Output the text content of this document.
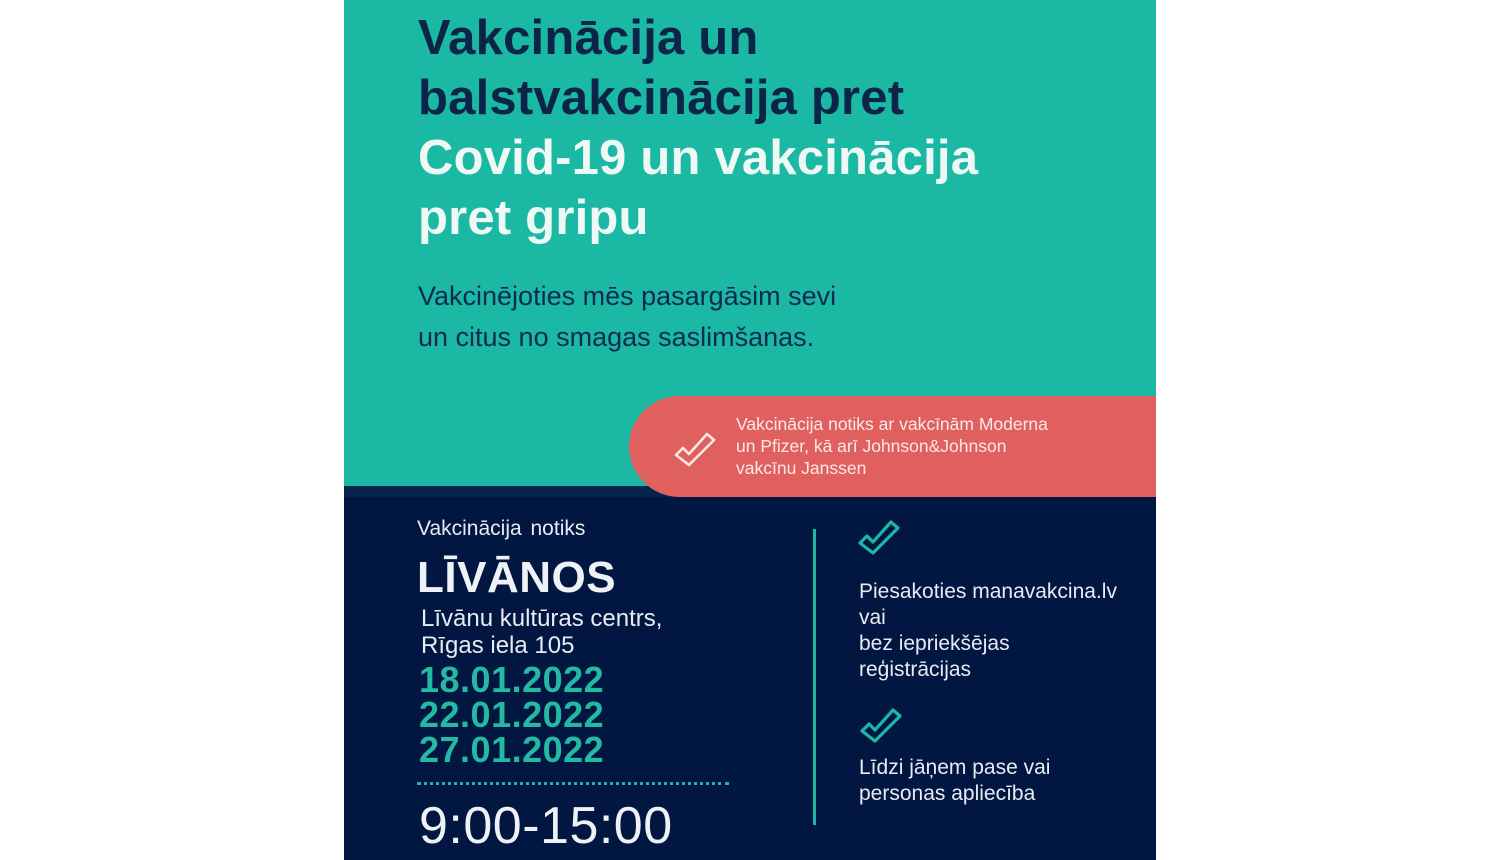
Vakcinācija un
balstvakcinācija pret
Covid-19 un vakcinācija
pret gripu

Vakcinējoties mēs pasargāsim sevi
un citus no smagas saslimšanas.

Vakcinācija notiks ar vakcīnām Moderna
un Pfizer, kā arī Johnson&Johnson
vakcīnu Janssen
Vakcinācija notiks
LĪVĀNOS
Līvānu kultūras centrs,
Rīgas iela 105
18.01.2022
22.01.2022
27.01.2022
9:00-15:00
Piesakoties manavakcina.lv
vai
bez iepriekšējas
reģistrācijas
Līdzi jāņem pase vai
personas apliecība
